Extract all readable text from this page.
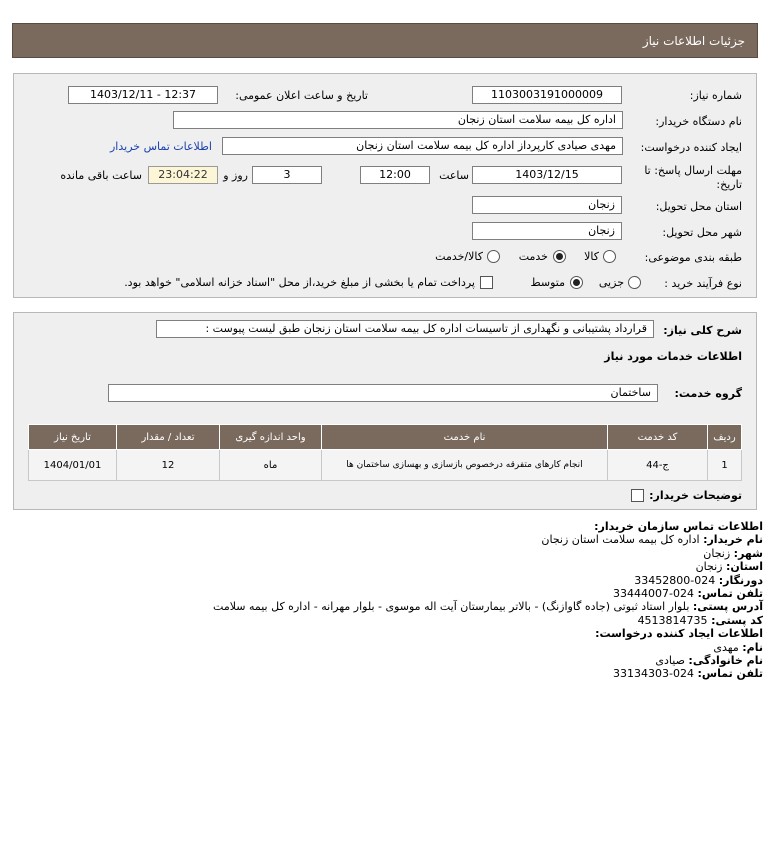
جزئیات اطلاعات نیاز
شماره نیاز:
1103003191000009
تاریخ و ساعت اعلان عمومی:
1403/12/11 - 12:37
نام دستگاه خریدار:
اداره کل بیمه سلامت استان زنجان
ایجاد کننده درخواست:
مهدی صیادی کارپرداز اداره کل بیمه سلامت استان زنجان
اطلاعات تماس خریدار
مهلت ارسال پاسخ: تا تاریخ:
1403/12/15
ساعت
12:00
3
روز و
23:04:22
ساعت باقی مانده
استان محل تحویل:
زنجان
شهر محل تحویل:
زنجان
طبقه بندی موضوعی:
کالا
خدمت
کالا/خدمت
نوع فرآیند خرید :
جزیی
متوسط
پرداخت تمام یا بخشی از مبلغ خرید،از محل "اسناد خزانه اسلامی" خواهد بود.
شرح کلی نیاز:
قرارداد پشتیبانی و نگهداری از تاسیسات اداره کل بیمه سلامت استان زنجان طبق لیست پیوست :
اطلاعات خدمات مورد نیاز
گروه خدمت:
ساختمان
ردیف	کد خدمت	نام خدمت	واحد اندازه گیری	تعداد / مقدار	تاریخ نیاز
1	ج-44	انجام کارهای متفرقه درخصوص بازسازی و بهسازی ساختمان ها	ماه	12	1404/01/01
توضیحات خریدار:
اطلاعات تماس سازمان خریدار:
نام خریدار: اداره کل بیمه سلامت استان زنجان
شهر: زنجان
استان: زنجان
دورنگار: 024-33452800
تلفن تماس: 024-33444007
آدرس پستی: بلوار استاد ثبوتی (جاده گاوازنگ) - بالاتر بیمارستان آیت اله موسوی - بلوار مهرانه - اداره کل بیمه سلامت
کد پستی: 4513814735
اطلاعات ایجاد کننده درخواست:
نام: مهدی
نام خانوادگی: صیادی
تلفن تماس: 024-33134303
